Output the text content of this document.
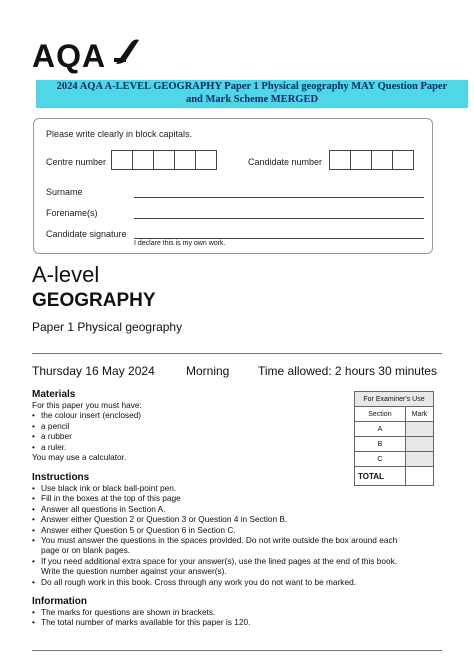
AQA
2024 AQA A-LEVEL GEOGRAPHY Paper 1 Physical geography MAY Question Paper
and Mark Scheme MERGED
Please write clearly in block capitals.
Centre number	Candidate number
Surname
Forename(s)
Candidate signature
I declare this is my own work.
A-level
GEOGRAPHY
Paper 1 Physical geography
Thursday 16 May 2024	Morning Time allowed: 2 hours 30 minutes
Materials
For this paper you must have:
• the colour insert (enclosed)
• a pencil
• a rubber
• a ruler.
You may use a calculator.
For Examiner's Use	
Section	Mark
A	
B	
C	
TOTAL	
Instructions
• Use black ink or black ball-point pen.
• Fill in the boxes at the top of this page
• Answer all questions in Section A.
• Answer either Question 2 or Question 3 or Question 4 in Section B.
• Answer either Question 5 or Question 6 in Section C.
• You must answer the questions in the spaces provided. Do not write outside the box around each page or on blank pages.
• If you need additional extra space for your answer(s), use the lined pages at the end of this book. Write the question number against your answer(s).
• Do all rough work in this book. Cross through any work you do not want to be marked.
Information
• The marks for questions are shown in brackets.
• The total number of marks available for this paper is 120.
